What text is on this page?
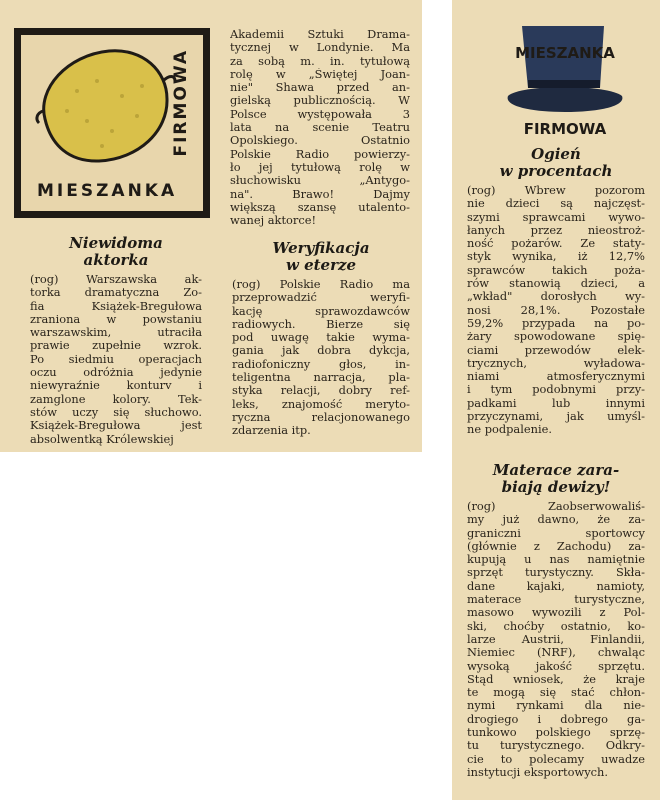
FIRMOWA
MIESZANKA
Niewidoma
aktorka
(rog) Warszawska ak-
torka dramatyczna Zo-
fia Książek-Bregułowa
zraniona w powstaniu
warszawskim, utraciła
prawie zupełnie wzrok.
Po siedmiu operacjach
oczu odróżnia jedynie
niewyraźnie konturv i
zamglone kolory. Tek-
stów uczy się słuchowo.
Książek-Bregułowa jest
absolwentką Królewskiej
Akademii Sztuki Drama-
tycznej w Londynie. Ma
za sobą m. in. tytułową
rolę w „Świętej Joan-
nie" Shawa przed an-
gielską publicznością. W
Polsce występowała 3
lata na scenie Teatru
Opolskiego. Ostatnio
Polskie Radio powierzy-
ło jej tytułową rolę w
słuchowisku „Antygo-
na". Brawo! Dajmy
większą szansę utalento-
wanej aktorce!
Weryfikacja
w eterze
(rog) Polskie Radio ma
przeprowadzić weryfi-
kację sprawozdawców
radiowych. Bierze się
pod uwagę takie wyma-
gania jak dobra dykcja,
radiofoniczny głos, in-
teligentna narracja, pla-
styka relacji, dobry ref-
leks, znajomość meryto-
ryczna relacjonowanego
zdarzenia itp.
MIESZANKA
FIRMOWA
Ogień
w procentach
(rog) Wbrew pozorom
nie dzieci są najczęst-
szymi sprawcami wywo-
łanych przez nieostroż-
ność pożarów. Ze staty-
styk wynika, iż 12,7%
sprawców takich poża-
rów stanowią dzieci, a
„wkład" dorosłych wy-
nosi 28,1%. Pozostałe
59,2% przypada na po-
żary spowodowane spię-
ciami przewodów elek-
trycznych, wyładowa-
niami atmosferycznymi
i tym podobnymi przy-
padkami lub innymi
przyczynami, jak umyśl-
ne podpalenie.
Materace zara-
biają dewizy!
(rog) Zaobserwowaliś-
my już dawno, że za-
graniczni sportowcy
(głównie z Zachodu) za-
kupują u nas namiętnie
sprzęt turystyczny. Skła-
dane kajaki, namioty,
materace turystyczne,
masowo wywozili z Pol-
ski, choćby ostatnio, ko-
larze Austrii, Finlandii,
Niemiec (NRF), chwaląc
wysoką jakość sprzętu.
Stąd wniosek, że kraje
te mogą się stać chłon-
nymi rynkami dla nie-
drogiego i dobrego ga-
tunkowo polskiego sprzę-
tu turystycznego. Odkry-
cie to polecamy uwadze
instytucji eksportowych.
